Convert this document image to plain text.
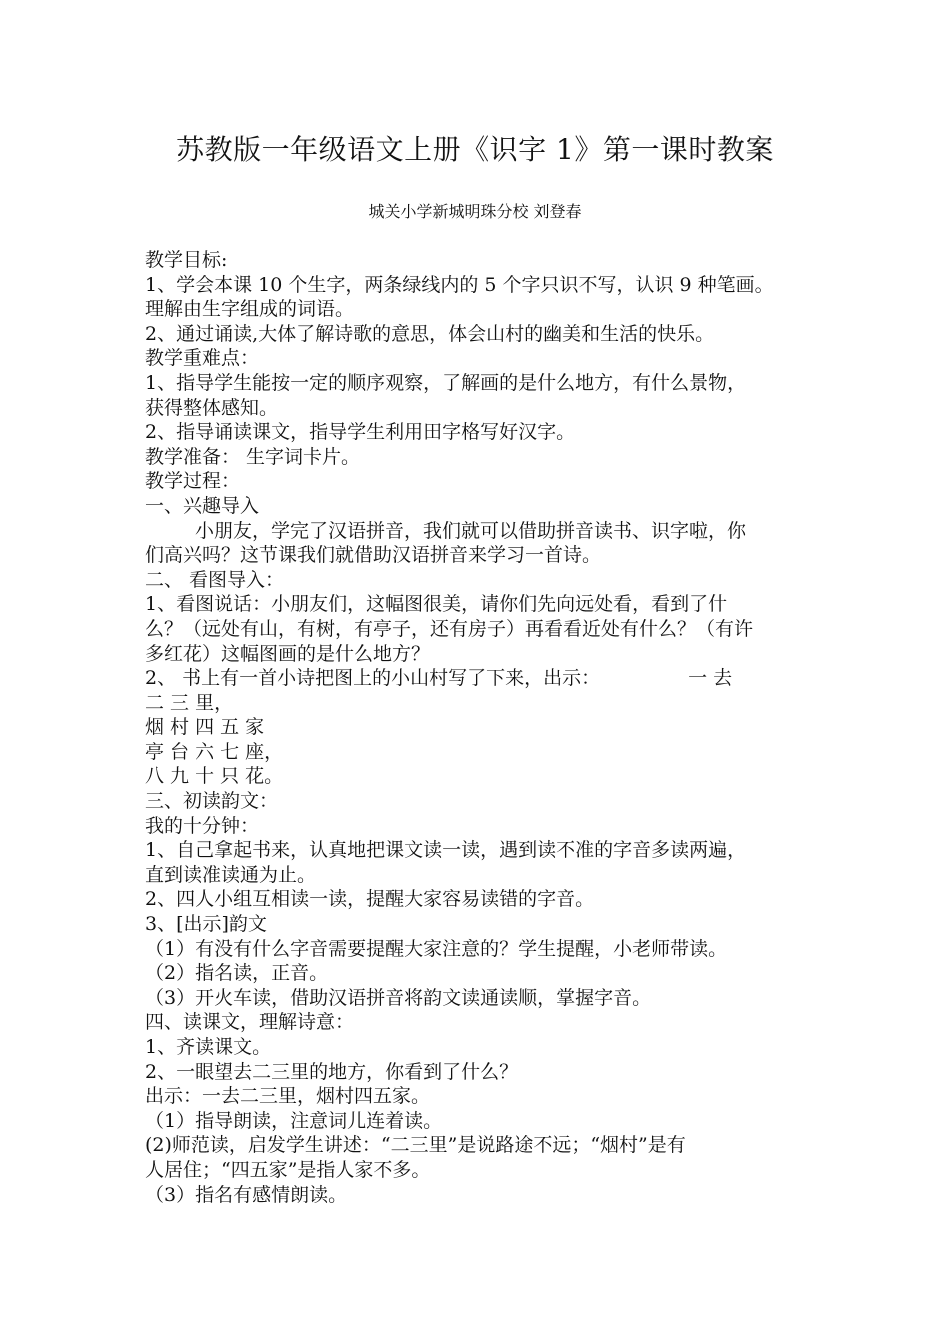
苏教版一年级语文上册《识字 1》第一课时教案
城关小学新城明珠分校 刘登春
教学目标:
1、学会本课 10 个生字，两条绿线内的 5 个字只识不写，认识 9 种笔画。
理解由生字组成的词语。
2、通过诵读,大体了解诗歌的意思，体会山村的幽美和生活的快乐。
教学重难点：
1、指导学生能按一定的顺序观察，了解画的是什么地方，有什么景物，
获得整体感知。
2、指导诵读课文，指导学生利用田字格写好汉字。
教学准备： 生字词卡片。
教学过程：
一、兴趣导入
小朋友，学完了汉语拼音，我们就可以借助拼音读书、识字啦，你
们高兴吗？这节课我们就借助汉语拼音来学习一首诗。
二、 看图导入：
1、看图说话：小朋友们，这幅图很美，请你们先向远处看，看到了什
么？（远处有山，有树，有亭子，还有房子）再看看近处有什么？（有许
多红花）这幅图画的是什么地方？
2、 书上有一首小诗把图上的小山村写了下来，出示：	一 去
二 三 里，
烟 村 四 五 家
亭 台 六 七 座，
八 九 十 只 花。
三、初读韵文：
我的十分钟：
1、自己拿起书来，认真地把课文读一读，遇到读不准的字音多读两遍，
直到读准读通为止。
2、四人小组互相读一读，提醒大家容易读错的字音。
3、[出示]韵文
（1）有没有什么字音需要提醒大家注意的？学生提醒，小老师带读。
（2）指名读，正音。
（3）开火车读，借助汉语拼音将韵文读通读顺，掌握字音。
四、读课文，理解诗意：
1、齐读课文。
2、一眼望去二三里的地方，你看到了什么？
出示：一去二三里，烟村四五家。
（1）指导朗读，注意词儿连着读。
(2)师范读，启发学生讲述：“二三里”是说路途不远；“烟村”是有
人居住；“四五家”是指人家不多。
（3）指名有感情朗读。
